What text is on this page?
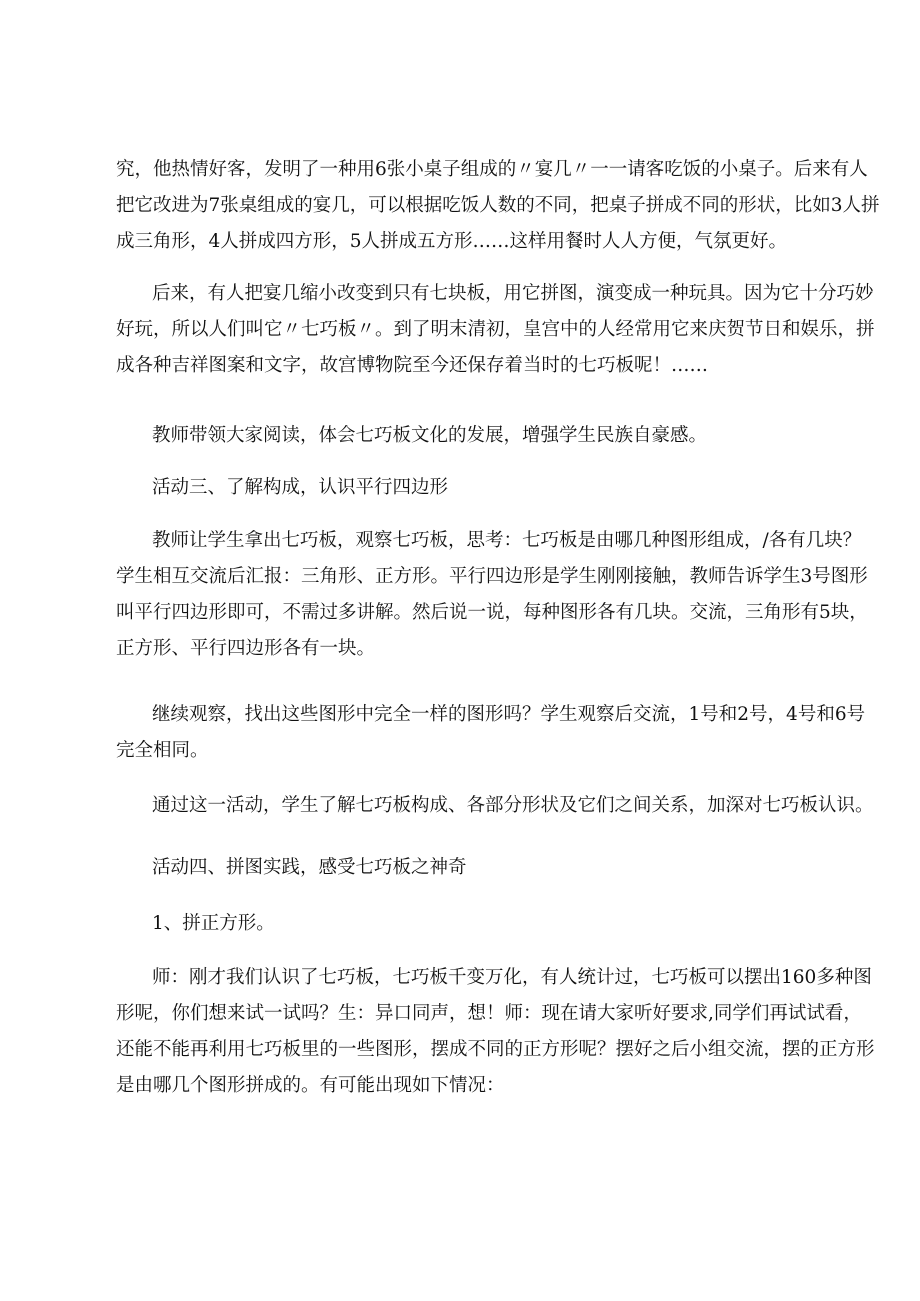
究，他热情好客，发明了一种用6张小桌子组成的〃宴几〃一一请客吃饭的小桌子。后来有人
把它改进为7张桌组成的宴几，可以根据吃饭人数的不同，把桌子拼成不同的形状，比如3人拼
成三角形，4人拼成四方形，5人拼成五方形……这样用餐时人人方便，气氛更好。

后来，有人把宴几缩小改变到只有七块板，用它拼图，演变成一种玩具。因为它十分巧妙
好玩，所以人们叫它〃七巧板〃。到了明末清初，皇宫中的人经常用它来庆贺节日和娱乐，拼
成各种吉祥图案和文字，故宫博物院至今还保存着当时的七巧板呢！……

教师带领大家阅读，体会七巧板文化的发展，增强学生民族自豪感。

活动三、了解构成，认识平行四边形

教师让学生拿出七巧板，观察七巧板，思考：七巧板是由哪几种图形组成，/各有几块？
学生相互交流后汇报：三角形、正方形。平行四边形是学生刚刚接触，教师告诉学生3号图形
叫平行四边形即可，不需过多讲解。然后说一说，每种图形各有几块。交流，三角形有5块，
正方形、平行四边形各有一块。

继续观察，找出这些图形中完全一样的图形吗？学生观察后交流，1号和2号，4号和6号
完全相同。

通过这一活动，学生了解七巧板构成、各部分形状及它们之间关系，加深对七巧板认识。

活动四、拼图实践，感受七巧板之神奇

1、拼正方形。

师：刚才我们认识了七巧板，七巧板千变万化，有人统计过，七巧板可以摆出160多种图
形呢，你们想来试一试吗？生：异口同声，想！师：现在请大家听好要求,同学们再试试看，
还能不能再利用七巧板里的一些图形，摆成不同的正方形呢？摆好之后小组交流，摆的正方形
是由哪几个图形拼成的。有可能出现如下情况：
